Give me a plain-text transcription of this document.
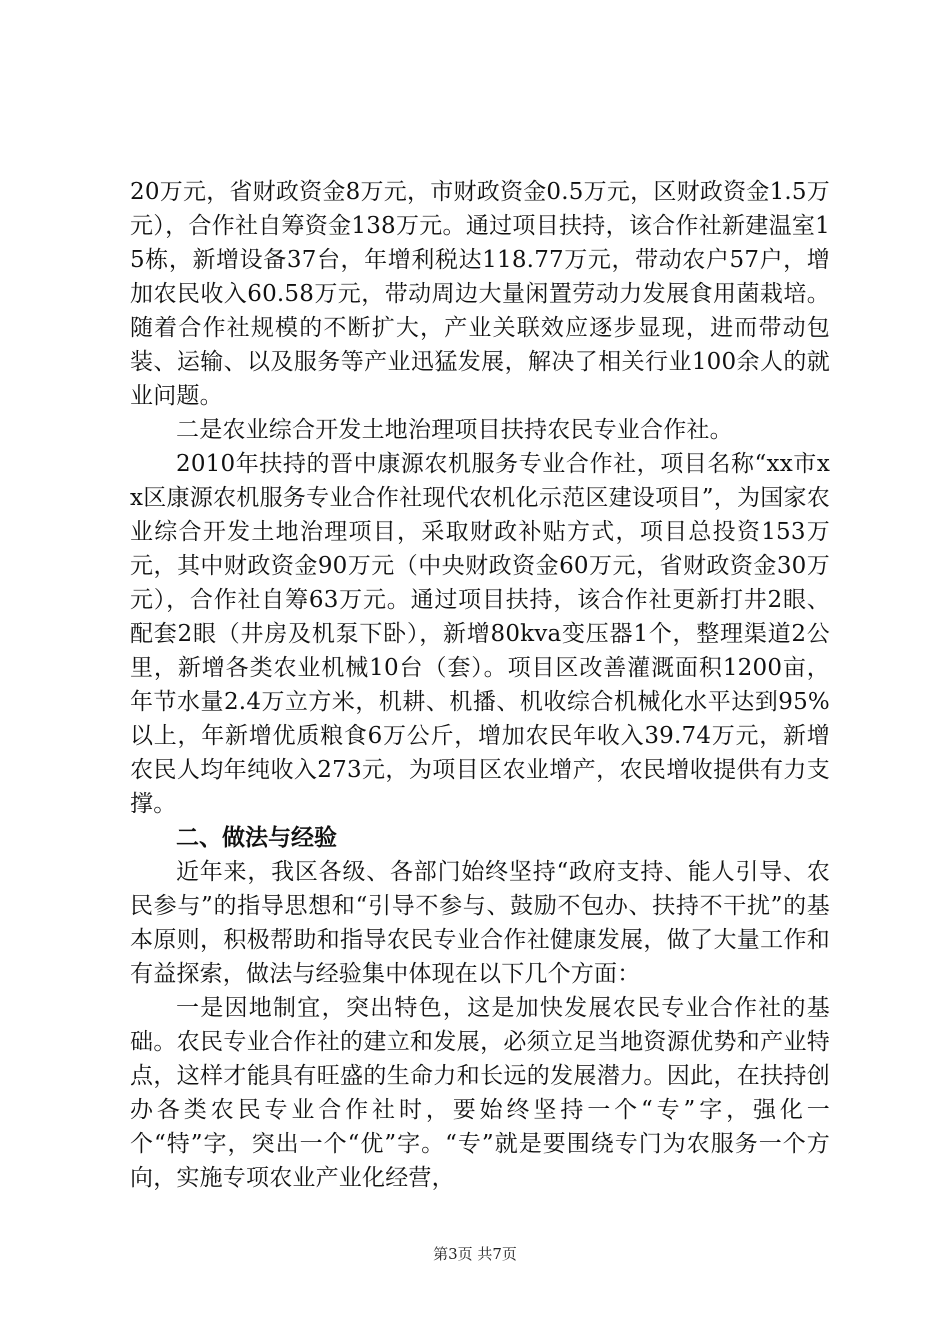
20万元，省财政资金8万元，市财政资金0.5万元，区财政资金1.5万元），合作社自筹资金138万元。通过项目扶持，该合作社新建温室15栋，新增设备37台，年增利税达118.77万元，带动农户57户，增加农民收入60.58万元，带动周边大量闲置劳动力发展食用菌栽培。随着合作社规模的不断扩大，产业关联效应逐步显现，进而带动包装、运输、以及服务等产业迅猛发展，解决了相关行业100余人的就业问题。

二是农业综合开发土地治理项目扶持农民专业合作社。

2010年扶持的晋中康源农机服务专业合作社，项目名称“xx市xx区康源农机服务专业合作社现代农机化示范区建设项目”，为国家农业综合开发土地治理项目，采取财政补贴方式，项目总投资153万元，其中财政资金90万元（中央财政资金60万元，省财政资金30万元），合作社自筹63万元。通过项目扶持，该合作社更新打井2眼、配套2眼（井房及机泵下卧），新增80kva变压器1个，整理渠道2公里，新增各类农业机械10台（套）。项目区改善灌溉面积1200亩，年节水量2.4万立方米，机耕、机播、机收综合机械化水平达到95%以上，年新增优质粮食6万公斤，增加农民年收入39.74万元，新增农民人均年纯收入273元，为项目区农业增产，农民增收提供有力支撑。

二、做法与经验

近年来，我区各级、各部门始终坚持“政府支持、能人引导、农民参与”的指导思想和“引导不参与、鼓励不包办、扶持不干扰”的基本原则，积极帮助和指导农民专业合作社健康发展，做了大量工作和有益探索，做法与经验集中体现在以下几个方面：

一是因地制宜，突出特色，这是加快发展农民专业合作社的基础。农民专业合作社的建立和发展，必须立足当地资源优势和产业特点，这样才能具有旺盛的生命力和长远的发展潜力。因此，在扶持创办各类农民专业合作社时，要始终坚持一个“专”字，强化一个“特”字，突出一个“优”字。“专”就是要围绕专门为农服务一个方向，实施专项农业产业化经营，

第3页 共7页
